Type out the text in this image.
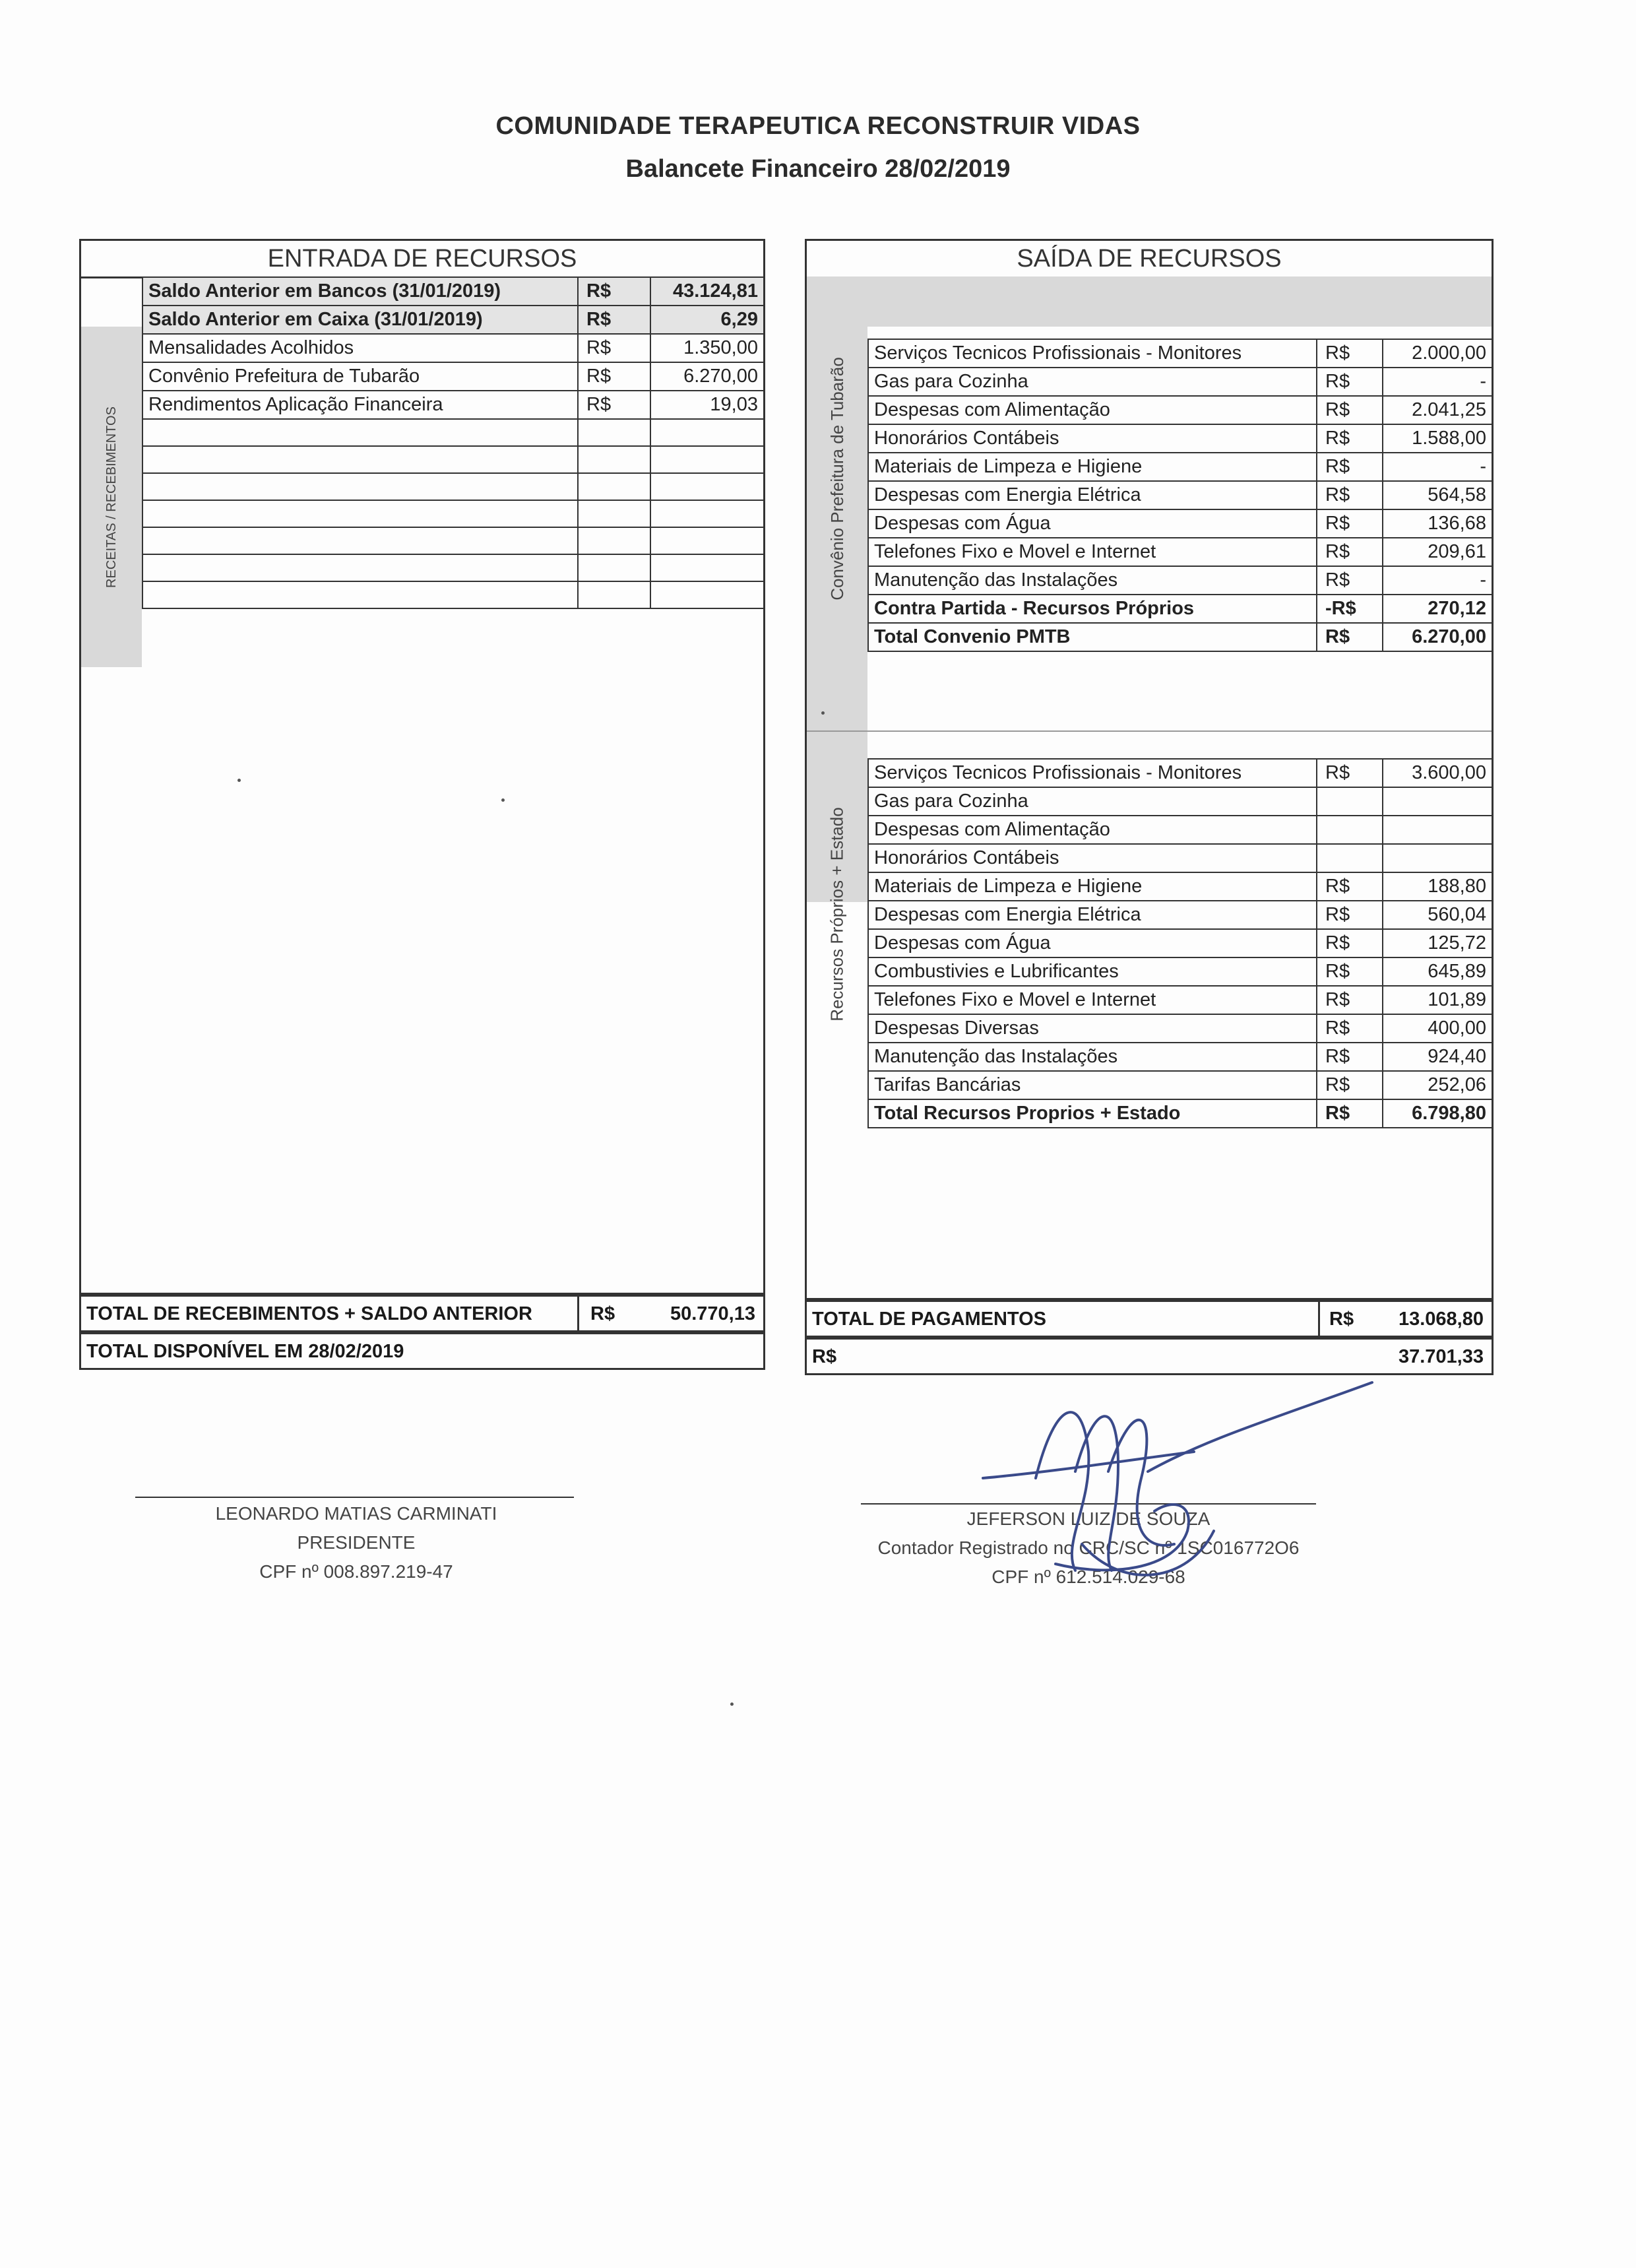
COMUNIDADE TERAPEUTICA RECONSTRUIR VIDAS
Balancete Financeiro 28/02/2019
ENTRADA DE RECURSOS
RECEITAS / RECEBIMENTOS
Saldo Anterior em Bancos (31/01/2019)	R$	43.124,81
Saldo Anterior em Caixa (31/01/2019)	R$	6,29
Mensalidades Acolhidos	R$	1.350,00
Convênio Prefeitura de Tubarão	R$	6.270,00
Rendimentos Aplicação Financeira	R$	19,03

TOTAL DE RECEBIMENTOS + SALDO ANTERIOR	R$	50.770,13
TOTAL DISPONÍVEL EM 28/02/2019
SAÍDA DE RECURSOS
Convênio Prefeitura de Tubarão
Recursos Próprios + Estado
Serviços Tecnicos Profissionais - Monitores	R$	2.000,00
Gas para Cozinha	R$	-
Despesas com Alimentação	R$	2.041,25
Honorários Contábeis	R$	1.588,00
Materiais de Limpeza e Higiene	R$	-
Despesas com Energia Elétrica	R$	564,58
Despesas com Água	R$	136,68
Telefones Fixo e Movel e Internet	R$	209,61
Manutenção das Instalações	R$	-
Contra Partida - Recursos Próprios	-R$	270,12
Total Convenio PMTB	R$	6.270,00
Serviços Tecnicos Profissionais - Monitores	R$	3.600,00
Gas para Cozinha		
Despesas com Alimentação		
Honorários Contábeis		
Materiais de Limpeza e Higiene	R$	188,80
Despesas com Energia Elétrica	R$	560,04
Despesas com Água	R$	125,72
Combustivies e Lubrificantes	R$	645,89
Telefones Fixo e Movel e Internet	R$	101,89
Despesas Diversas	R$	400,00
Manutenção das Instalações	R$	924,40
Tarifas Bancárias	R$	252,06
Total Recursos Proprios + Estado	R$	6.798,80
TOTAL DE PAGAMENTOS	R$ 13.068,80
R$	37.701,33
LEONARDO MATIAS CARMINATI
PRESIDENTE
CPF nº 008.897.219-47
JEFERSON LUIZ DE SOUZA
Contador Registrado no CRC/SC nº 1SC016772O6
CPF nº 612.514.029-68
